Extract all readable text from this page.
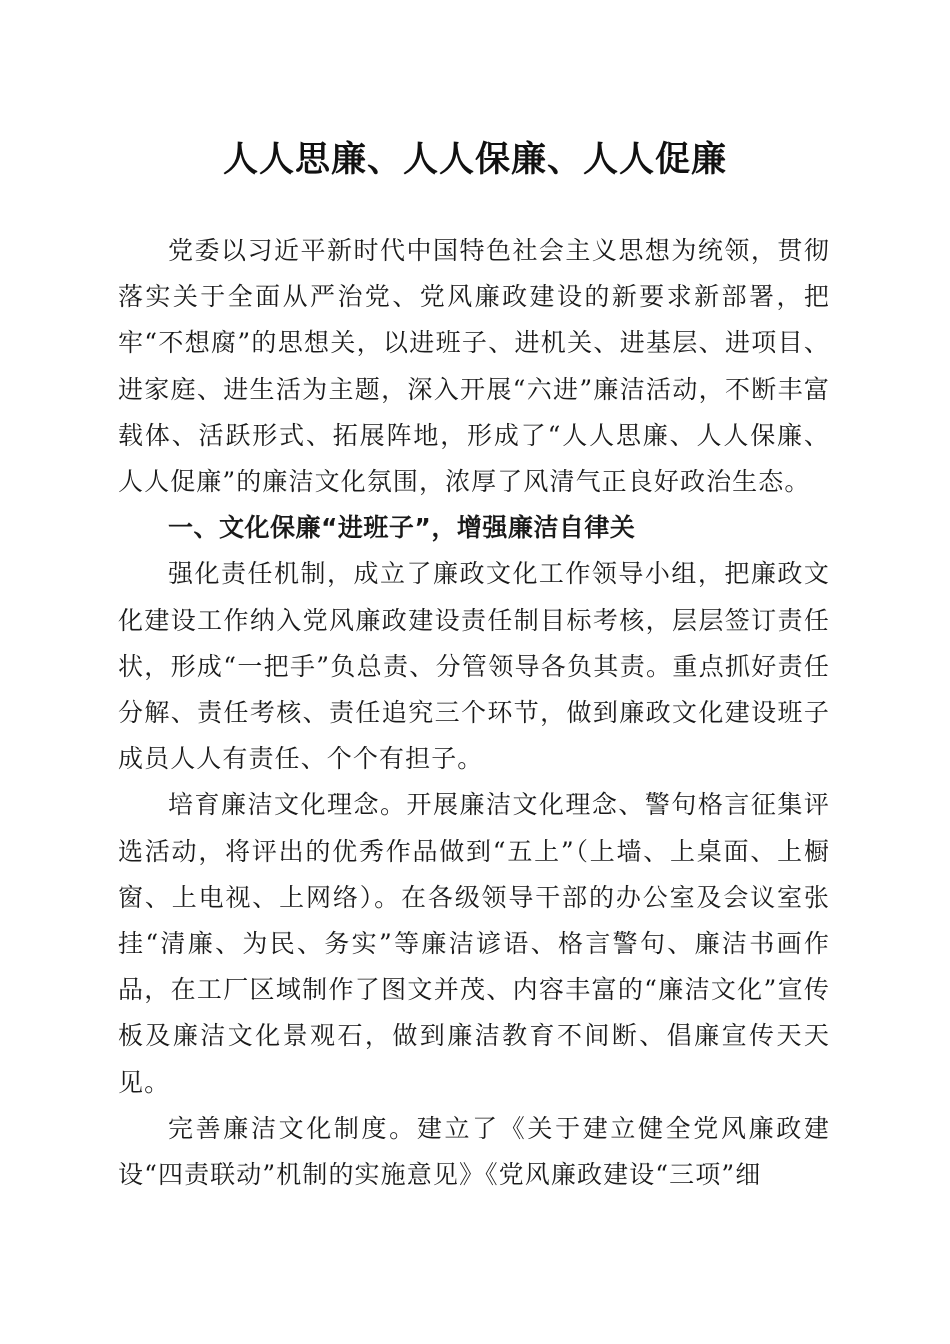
人人思廉、人人保廉、人人促廉

党委以习近平新时代中国特色社会主义思想为统领，贯彻落实关于全面从严治党、党风廉政建设的新要求新部署，把牢“不想腐”的思想关，以进班子、进机关、进基层、进项目、进家庭、进生活为主题，深入开展“六进”廉洁活动，不断丰富载体、活跃形式、拓展阵地，形成了“人人思廉、人人保廉、人人促廉”的廉洁文化氛围，浓厚了风清气正良好政治生态。

一、文化保廉“进班子”，增强廉洁自律关

强化责任机制，成立了廉政文化工作领导小组，把廉政文化建设工作纳入党风廉政建设责任制目标考核，层层签订责任状，形成“一把手”负总责、分管领导各负其责。重点抓好责任分解、责任考核、责任追究三个环节，做到廉政文化建设班子成员人人有责任、个个有担子。

培育廉洁文化理念。开展廉洁文化理念、警句格言征集评选活动，将评出的优秀作品做到“五上”（上墙、上桌面、上橱窗、上电视、上网络）。在各级领导干部的办公室及会议室张挂“清廉、为民、务实”等廉洁谚语、格言警句、廉洁书画作品，在工厂区域制作了图文并茂、内容丰富的“廉洁文化”宣传板及廉洁文化景观石，做到廉洁教育不间断、倡廉宣传天天见。

完善廉洁文化制度。建立了《关于建立健全党风廉政建设“四责联动”机制的实施意见》《党风廉政建设“三项”细
